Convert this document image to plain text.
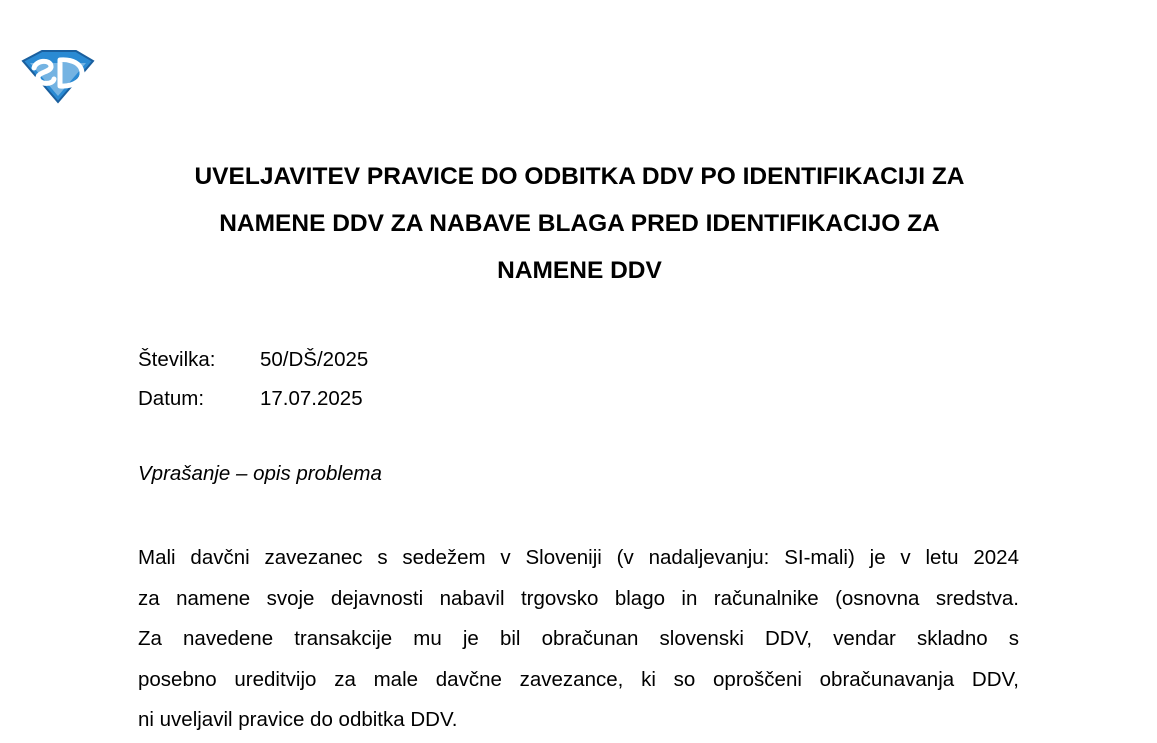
UVELJAVITEV PRAVICE DO ODBITKA DDV PO IDENTIFIKACIJI ZA
NAMENE DDV ZA NABAVE BLAGA PRED IDENTIFIKACIJO ZA
NAMENE DDV
Številka:	50/DŠ/2025
Datum:	17.07.2025
Vprašanje – opis problema
Mali davčni zavezanec s sedežem v Sloveniji (v nadaljevanju: SI-mali) je v letu 2024
za namene svoje dejavnosti nabavil trgovsko blago in računalnike (osnovna sredstva.
Za navedene transakcije mu je bil obračunan slovenski DDV, vendar skladno s
posebno ureditvijo za male davčne zavezance, ki so oproščeni obračunavanja DDV,
ni uveljavil pravice do odbitka DDV.
